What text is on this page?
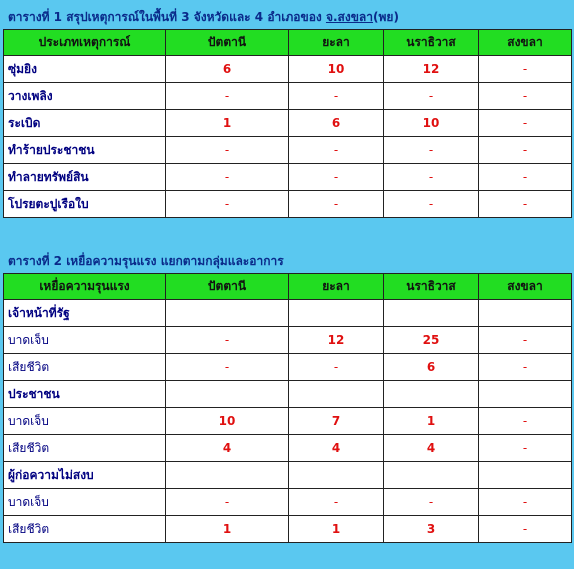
ตารางที่ 1 สรุปเหตุการณ์ในพื้นที่ 3 จังหวัดและ 4 อำเภอของ จ.สงขลา(พย)
ประเภทเหตุการณ์	ปัตตานี	ยะลา	นราธิวาส	สงขลา
ซุ่มยิง	6	10	12	-
วางเพลิง	-	-	-	-
ระเบิด	1	6	10	-
ทำร้ายประชาชน	-	-	-	-
ทำลายทรัพย์สิน	-	-	-	-
โปรยตะปูเรือใบ	-	-	-	-
ตารางที่ 2 เหยื่อความรุนแรง แยกตามกลุ่มและอาการ
เหยื่อความรุนแรง	ปัตตานี	ยะลา	นราธิวาส	สงขลา
เจ้าหน้าที่รัฐ				
บาดเจ็บ	-	12	25	-
เสียชีวิต	-	-	6	-
ประชาชน				
บาดเจ็บ	10	7	1	-
เสียชีวิต	4	4	4	-
ผู้ก่อความไม่สงบ				
บาดเจ็บ	-	-	-	-
เสียชีวิต	1	1	3	-
